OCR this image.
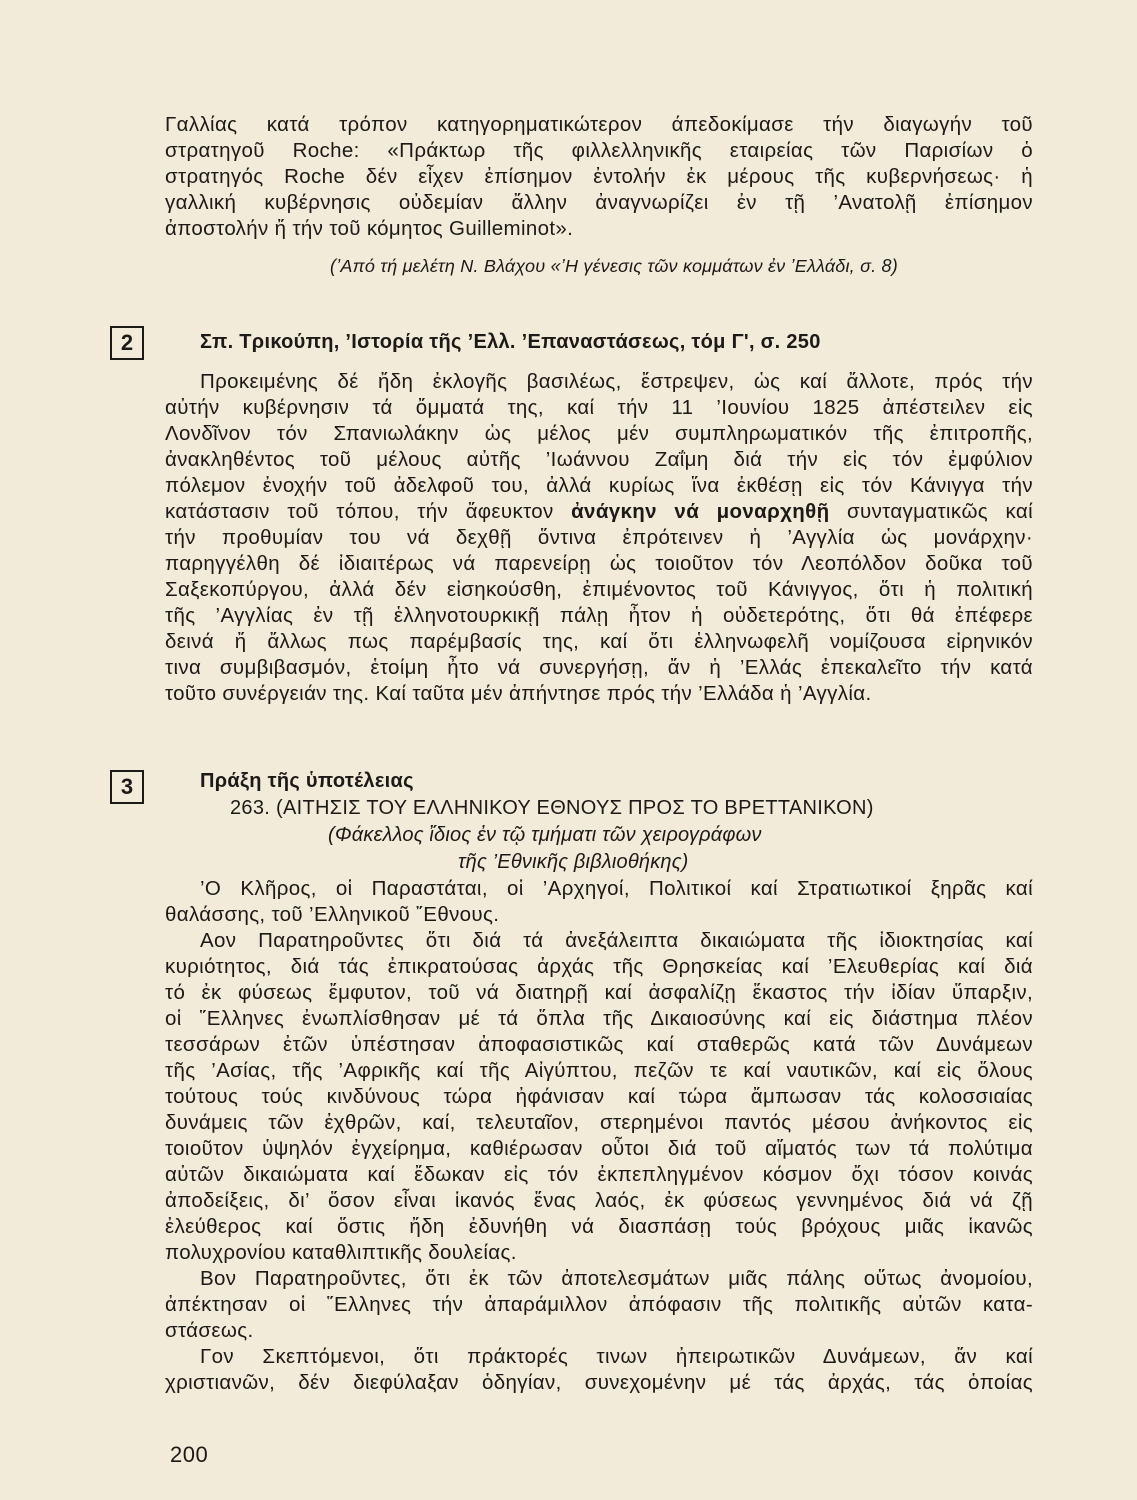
Γαλλίας κατά τρόπον κατηγορηματικώτερον άπεδοκίμασε τήν διαγωγήν τοῦ
στρατηγοῦ Roche: «Πράκτωρ τῆς φιλλελληνικῆς εταιρείας τῶν Παρισίων ὁ
στρατηγός Roche δέν εἶχεν ἐπίσημον ἐντολήν ἐκ μέρους τῆς κυβερνήσεως· ἡ
γαλλική κυβέρνησις οὐδεμίαν ἄλλην ἀναγνωρίζει ἐν τῇ ’Ανατολῇ ἐπίσημον
ἀποστολήν ἤ τήν τοῦ κόμητος Guilleminot».
(’Από τή μελέτη Ν. Βλάχου «’Η γένεσις τῶν κομμάτων ἐν ’Ελλάδι, σ. 8)
2	Σπ. Τρικούπη, ’Ιστορία τῆς ’Ελλ. ’Επαναστάσεως, τόμ Γ', σ. 250
Προκειμένης δέ ἤδη ἐκλογῆς βασιλέως, ἔστρεψεν, ὡς καί ἄλλοτε, πρός τήν
αὐτήν κυβέρνησιν τά ὄμματά της, καί τήν 11 ’Ιουνίου 1825 ἀπέστειλεν εἰς
Λονδῖνον τόν Σπανιωλάκην ὡς μέλος μέν συμπληρωματικόν τῆς ἐπιτροπῆς,
ἀνακληθέντος τοῦ μέλους αὐτῆς ’Ιωάννου Ζαΐμη διά τήν εἰς τόν ἐμφύλιον
πόλεμον ἐνοχήν τοῦ ἀδελφοῦ του, ἀλλά κυρίως ἵνα ἐκθέσῃ εἰς τόν Κάνιγγα τήν
κατάστασιν τοῦ τόπου, τήν ἄφευκτον ἀνάγκην νά μοναρχηθῇ συνταγματικῶς καί
τήν προθυμίαν του νά δεχθῇ ὅντινα ἐπρότεινεν ἡ ’Αγγλία ὡς μονάρχην·
παρηγγέλθη δέ ἰδιαιτέρως νά παρενείρῃ ὡς τοιοῦτον τόν Λεοπόλδον δοῦκα τοῦ
Σαξεκοπύργου, ἀλλά δέν εἰσηκούσθη, ἐπιμένοντος τοῦ Κάνιγγος, ὅτι ἡ πολιτική
τῆς ’Αγγλίας ἐν τῇ ἑλληνοτουρκικῇ πάλῃ ἦτον ἡ οὐδετερότης, ὅτι θά ἐπέφερε
δεινά ἤ ἄλλως πως παρέμβασίς της, καί ὅτι ἑλληνωφελῆ νομίζουσα εἰρηνικόν
τινα συμβιβασμόν, ἑτοίμη ἦτο νά συνεργήσῃ, ἄν ἡ ’Ελλάς ἐπεκαλεῖτο τήν κατά
τοῦτο συνέργειάν της. Καί ταῦτα μέν ἀπήντησε πρός τήν ’Ελλάδα ἡ ’Αγγλία.
3	Πράξη τῆς ὑποτέλειας
263. (ΑΙΤΗΣΙΣ ΤΟΥ ΕΛΛΗΝΙΚΟΥ ΕΘΝΟΥΣ ΠΡΟΣ ΤΟ ΒΡΕΤΤΑΝΙΚΟΝ)
(Φάκελλος ἴδιος ἐν τῷ τμήματι τῶν χειρογράφων
τῆς ’Εθνικῆς βιβλιοθήκης)
’Ο Κλῆρος, οἱ Παραστάται, οἱ ’Αρχηγοί, Πολιτικοί καί Στρατιωτικοί ξηρᾶς καί
θαλάσσης, τοῦ ’Ελληνικοῦ ῎Εθνους.
Αον Παρατηροῦντες ὅτι διά τά ἀνεξάλειπτα δικαιώματα τῆς ἰδιοκτησίας καί
κυριότητος, διά τάς ἐπικρατούσας ἀρχάς τῆς Θρησκείας καί ’Ελευθερίας καί διά
τό ἐκ φύσεως ἔμφυτον, τοῦ νά διατηρῇ καί ἀσφαλίζῃ ἕκαστος τήν ἰδίαν ὕπαρξιν,
οἱ ῞Ελληνες ἐνωπλίσθησαν μέ τά ὅπλα τῆς Δικαιοσύνης καί εἰς διάστημα πλέον
τεσσάρων ἐτῶν ὑπέστησαν ἀποφασιστικῶς καί σταθερῶς κατά τῶν Δυνάμεων
τῆς ’Ασίας, τῆς ’Αφρικῆς καί τῆς Αἰγύπτου, πεζῶν τε καί ναυτικῶν, καί εἰς ὅλους
τούτους τούς κινδύνους τώρα ἠφάνισαν καί τώρα ἄμπωσαν τάς κολοσσιαίας
δυνάμεις τῶν ἐχθρῶν, καί, τελευταῖον, στερημένοι παντός μέσου ἀνήκοντος εἰς
τοιοῦτον ὑψηλόν ἐγχείρημα, καθιέρωσαν οὗτοι διά τοῦ αἵματός των τά πολύτιμα
αὐτῶν δικαιώματα καί ἔδωκαν εἰς τόν ἐκπεπληγμένον κόσμον ὄχι τόσον κοινάς
ἀποδείξεις, δι’ ὅσον εἶναι ἱκανός ἕνας λαός, ἐκ φύσεως γεννημένος διά νά ζῇ
ἐλεύθερος καί ὅστις ἤδη ἐδυνήθη νά διασπάσῃ τούς βρόχους μιᾶς ἱκανῶς
πολυχρονίου καταθλιπτικῆς δουλείας.
Βον Παρατηροῦντες, ὅτι ἐκ τῶν ἀποτελεσμάτων μιᾶς πάλης οὕτως ἀνομοίου,
ἀπέκτησαν οἱ ῞Ελληνες τήν ἀπαράμιλλον ἀπόφασιν τῆς πολιτικῆς αὐτῶν κατα-
στάσεως.
Γον Σκεπτόμενοι, ὅτι πράκτορές τινων ἠπειρωτικῶν Δυνάμεων, ἄν καί
χριστιανῶν, δέν διεφύλαξαν ὁδηγίαν, συνεχομένην μέ τάς ἀρχάς, τάς ὁποίας
200
